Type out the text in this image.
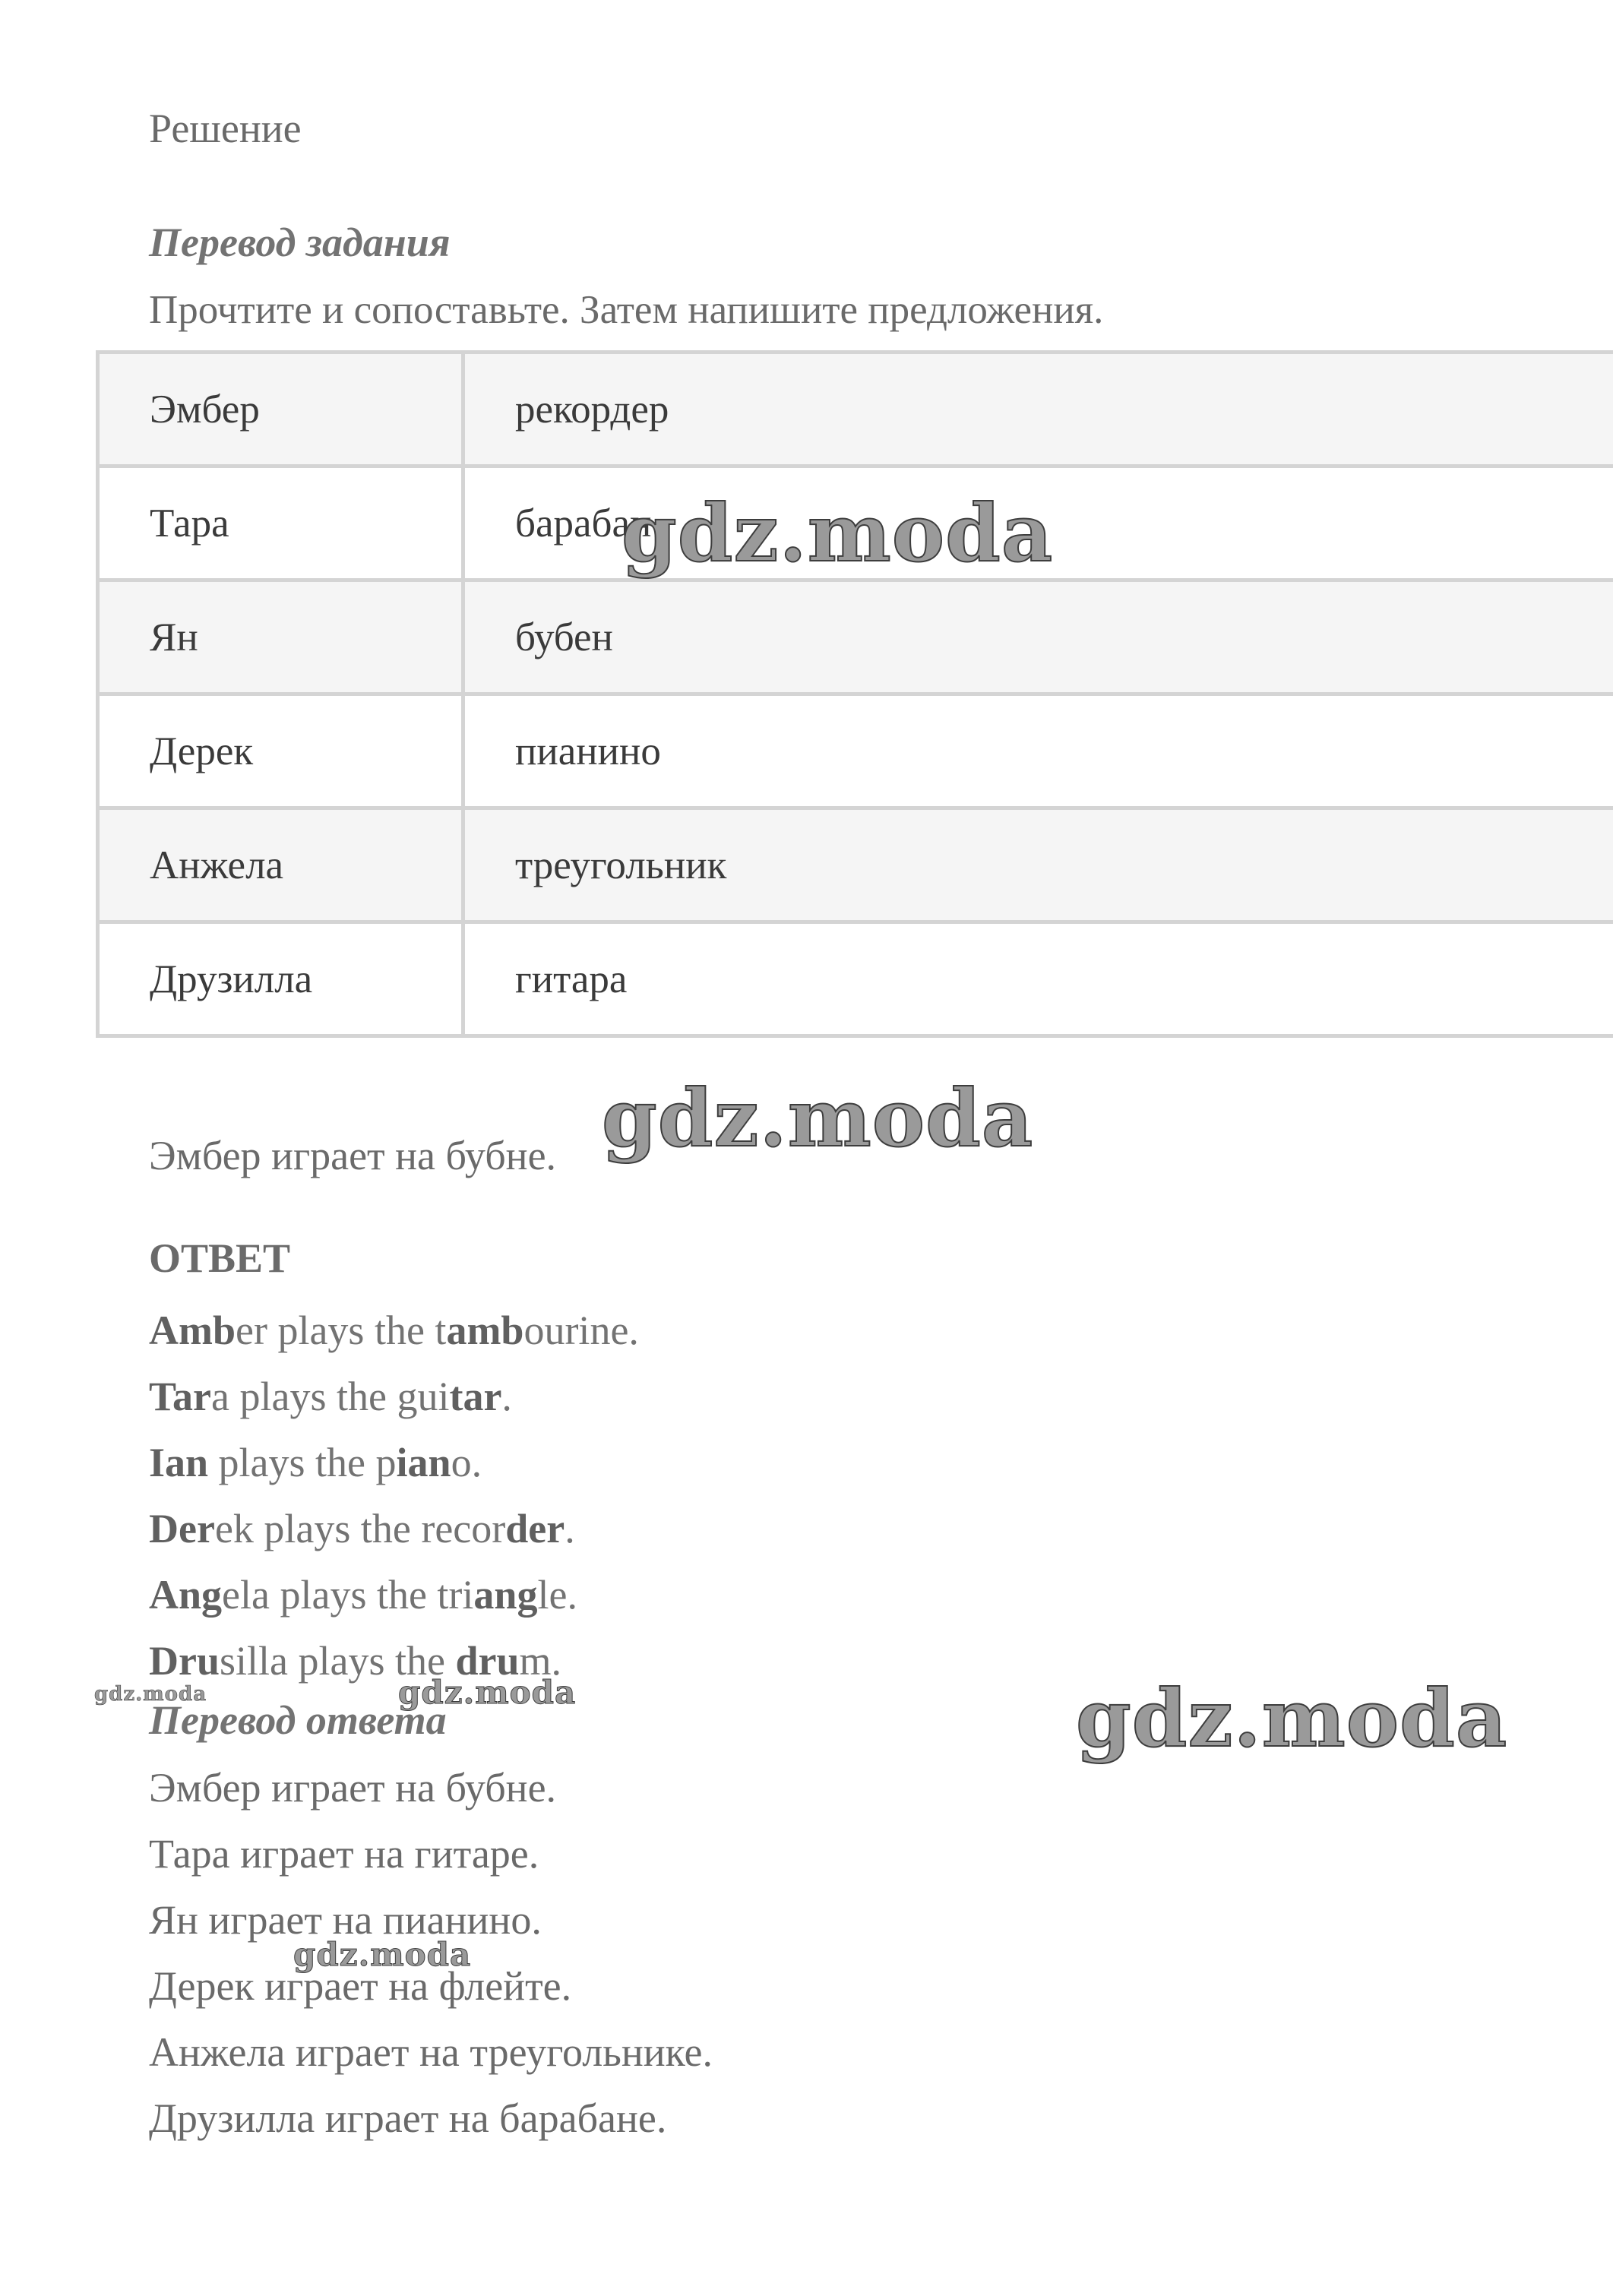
Решение
Перевод задания
Прочтите и сопоставьте. Затем напишите предложения.
Эмбер	рекордер
Тара	барабан
Ян	бубен
Дерек	пианино
Анжела	треугольник
Друзилла	гитара
Эмбер играет на бубне.
ОТВЕТ
Amber plays the tambourine.
Tara plays the guitar.
Ian plays the piano.
Derek plays the recorder.
Angela plays the triangle.
Drusilla plays the drum.
Перевод ответа
Эмбер играет на бубне.
Тара играет на гитаре.
Ян играет на пианино.
Дерек играет на флейте.
Анжела играет на треугольнике.
Друзилла играет на барабане.
gdz.moda
gdz.moda
gdz.moda
gdz.moda
gdz.moda
gdz.moda
